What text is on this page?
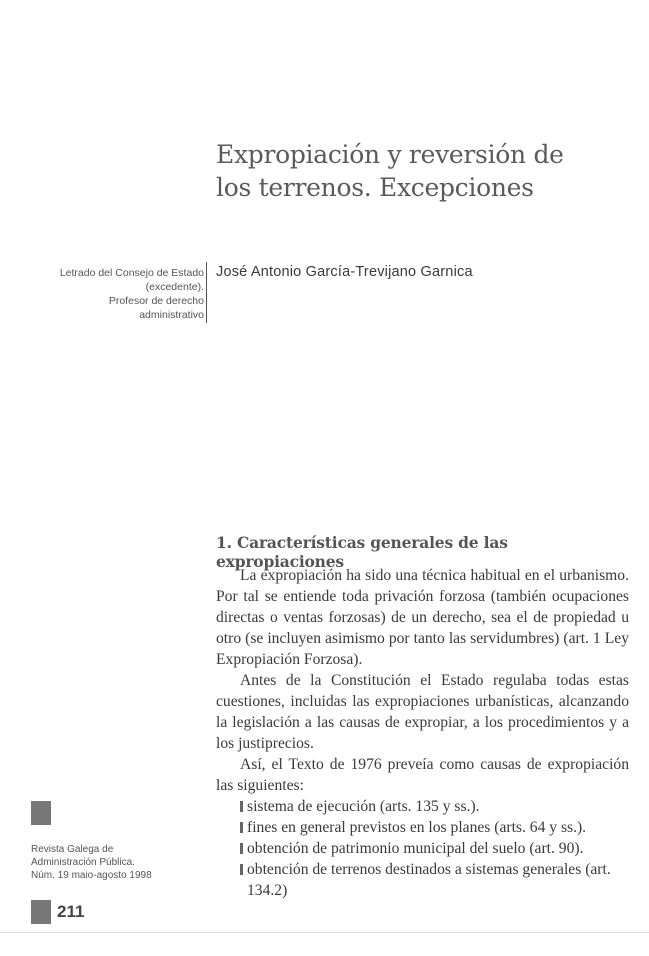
Expropiación y reversión de
los terrenos. Excepciones
Letrado del Consejo de Estado
(excedente).
Profesor de derecho
administrativo
José Antonio García-Trevijano Garnica
1. Características generales de las expropiaciones

La expropiación ha sido una técnica habitual en el urbanismo. Por tal se entiende toda privación forzosa (también ocupaciones directas o ventas forzosas) de un derecho, sea el de propiedad u otro (se incluyen asimismo por tanto las servidumbres) (art. 1 Ley Expropiación Forzosa).

Antes de la Constitución el Estado regulaba todas estas cuestiones, incluidas las expropiaciones urbanísticas, alcanzando la legislación a las causas de expropiar, a los procedimientos y a los justiprecios.

Así, el Texto de 1976 preveía como causas de expropiación las siguientes:

sistema de ejecución (arts. 135 y ss.).
fines en general previstos en los planes (arts. 64 y ss.).
obtención de patrimonio municipal del suelo (art. 90).
obtención de terrenos destinados a sistemas generales (art. 134.2)
Revista Galega de
Administración Pública.
Núm. 19 maio-agosto 1998
211
